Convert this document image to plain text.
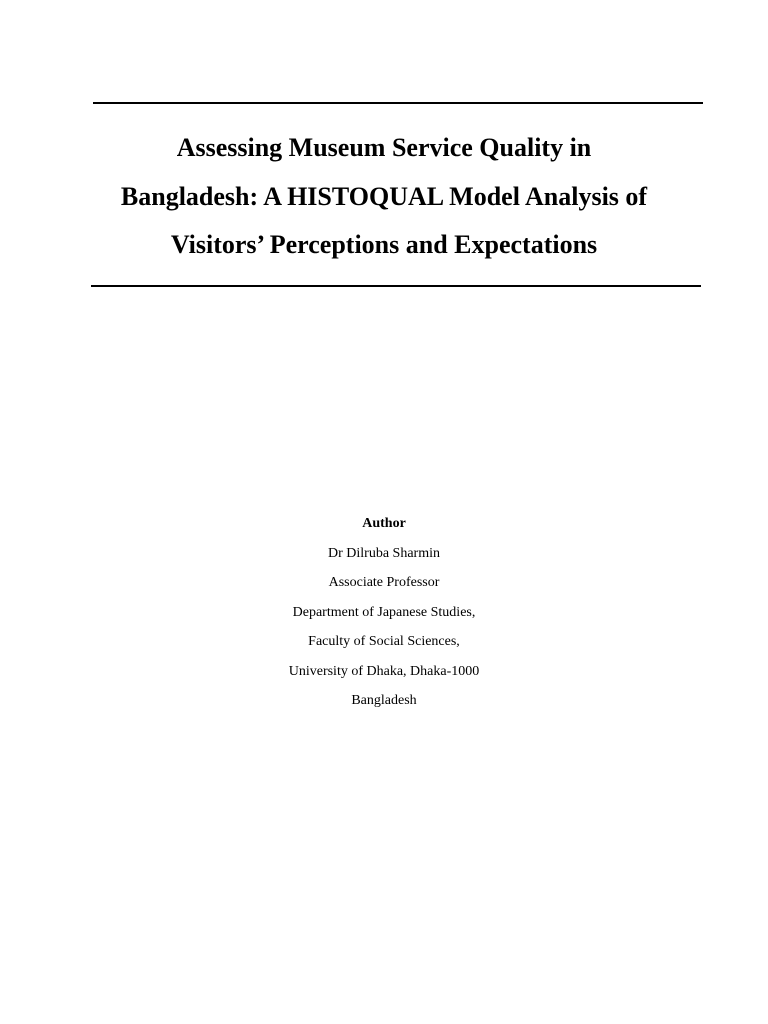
Assessing Museum Service Quality in
Bangladesh: A HISTOQUAL Model Analysis of
Visitors’ Perceptions and Expectations
Author
Dr Dilruba Sharmin
Associate Professor
Department of Japanese Studies,
Faculty of Social Sciences,
University of Dhaka, Dhaka-1000
Bangladesh
